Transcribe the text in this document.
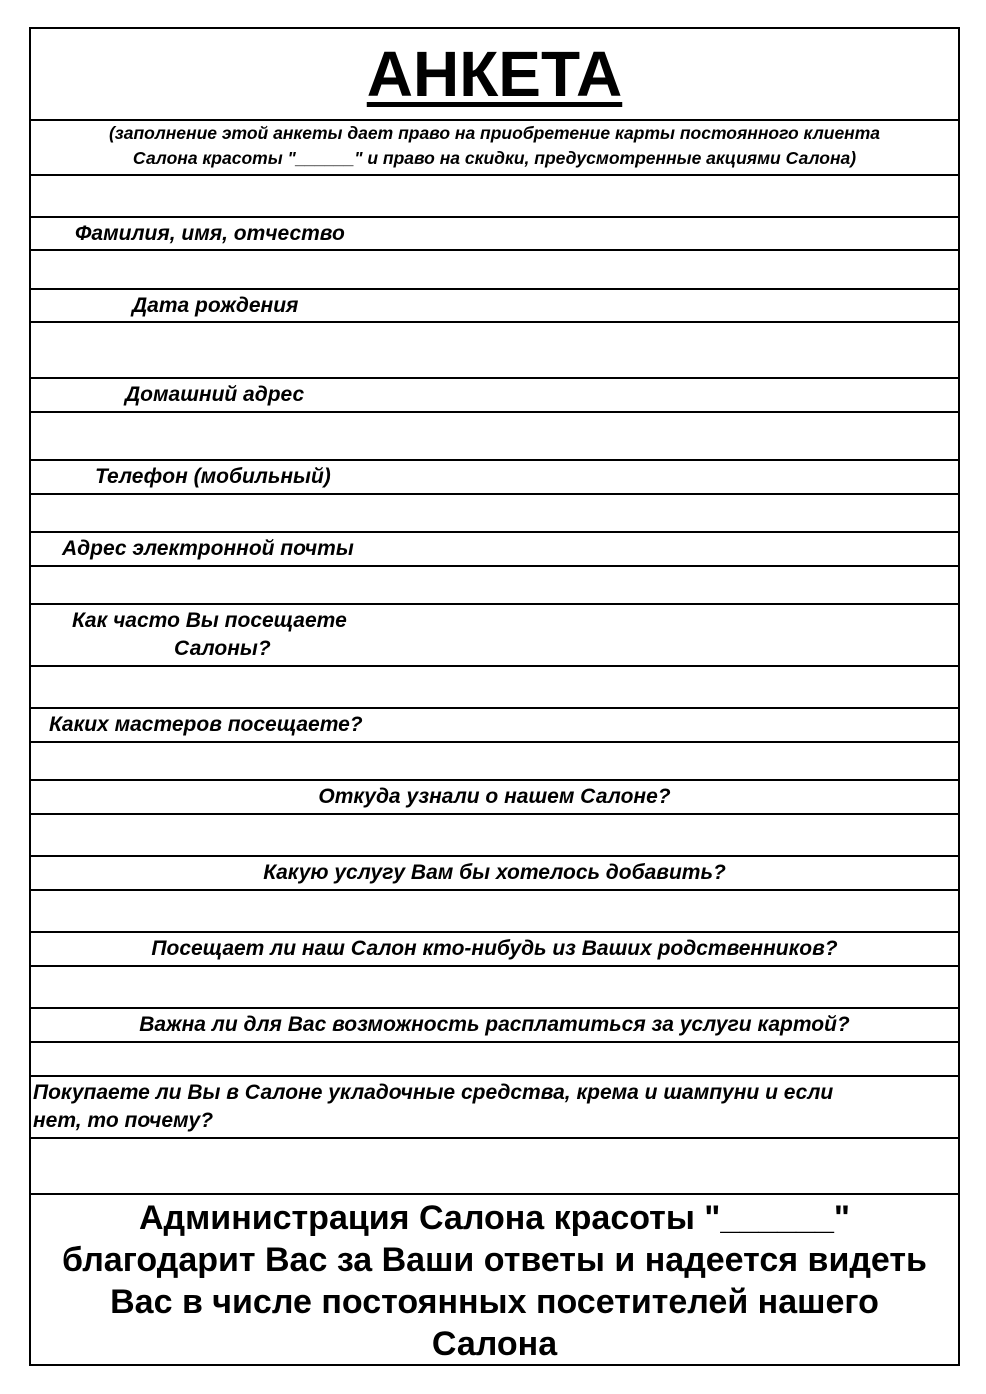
АНКЕТА
(заполнение этой анкеты дает право на приобретение карты постоянного клиента
Салона красоты "______" и право на скидки, предусмотренные акциями Салона)
Фамилия, имя, отчество
Дата рождения
Домашний адрес
Телефон (мобильный)
Адрес электронной почты
Как часто Вы посещаете
Салоны?
Каких мастеров посещаете?
Откуда узнали о нашем Салоне?
Какую услугу Вам бы хотелось добавить?
Посещает ли наш Салон кто-нибудь из Ваших родственников?
Важна ли для Вас возможность расплатиться за услуги картой?
Покупаете ли Вы в Салоне укладочные средства, крема и шампуни и если
нет, то почему?
Администрация Салона красоты "______"
благодарит Вас за Ваши ответы и надеется видеть
Вас в числе постоянных посетителей нашего
Салона
